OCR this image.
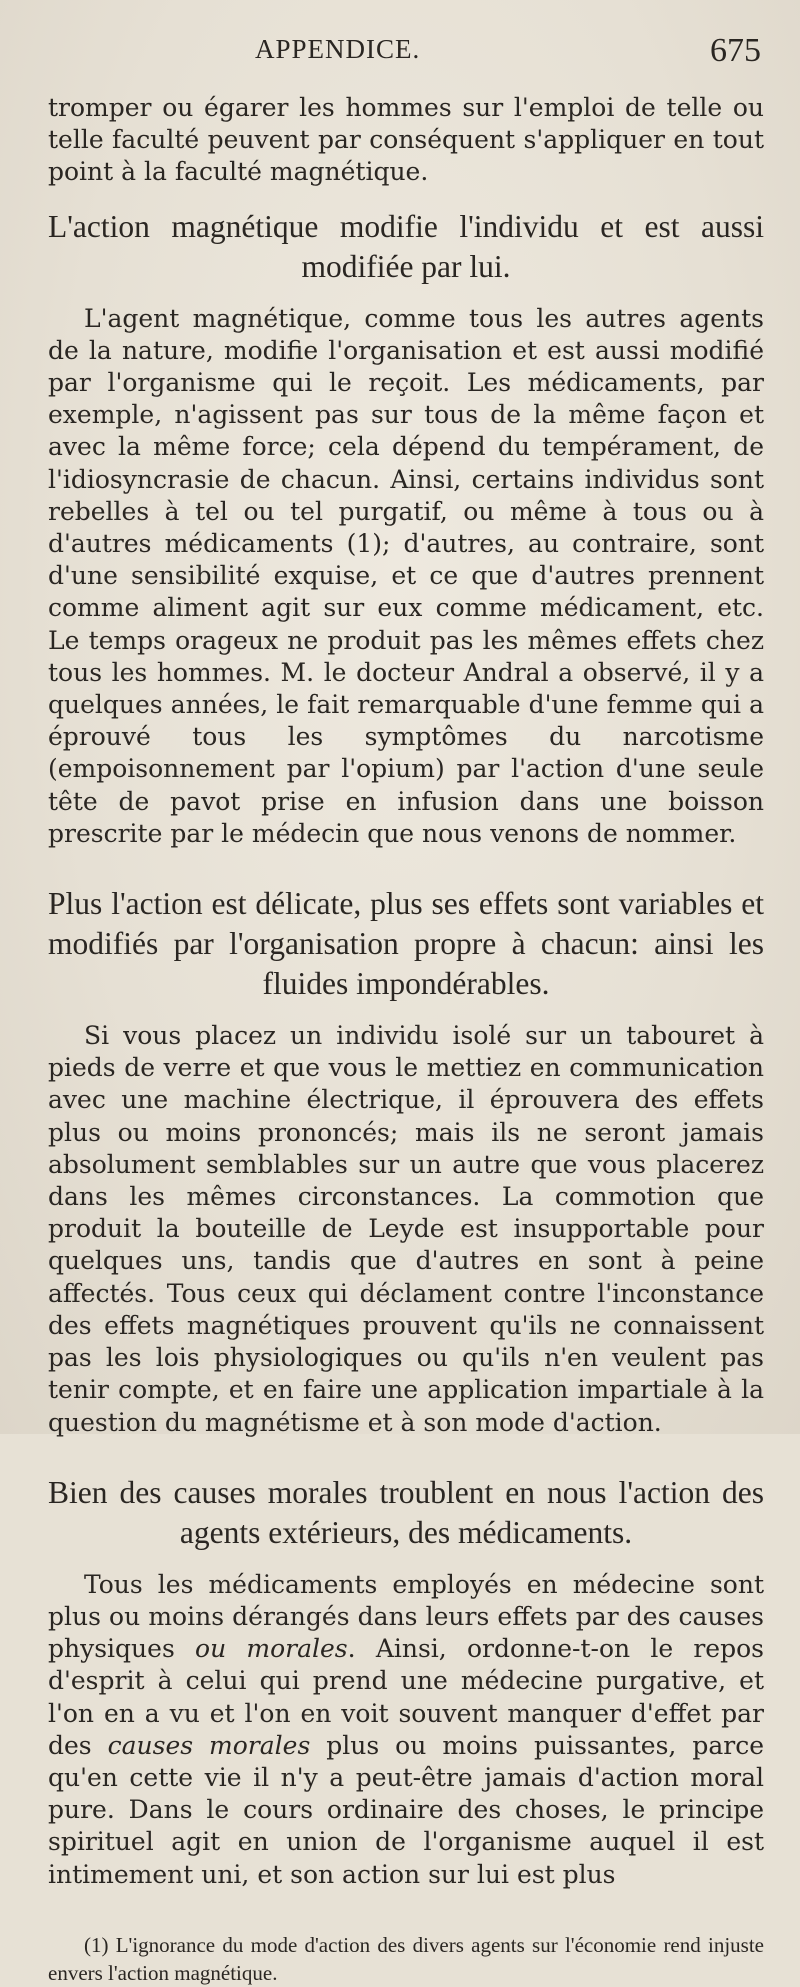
APPENDICE.	675

tromper ou égarer les hommes sur l'emploi de telle ou telle faculté peuvent par conséquent s'appliquer en tout point à la faculté magnétique.

L'action magnétique modifie l'individu et est aussi modifiée par lui.

L'agent magnétique, comme tous les autres agents de la nature, modifie l'organisation et est aussi modifié par l'organisme qui le reçoit. Les médicaments, par exemple, n'agissent pas sur tous de la même façon et avec la même force; cela dépend du tempérament, de l'idiosyncrasie de chacun. Ainsi, certains individus sont rebelles à tel ou tel purgatif, ou même à tous ou à d'autres médicaments (1); d'autres, au contraire, sont d'une sensibilité exquise, et ce que d'autres prennent comme aliment agit sur eux comme médicament, etc. Le temps orageux ne produit pas les mêmes effets chez tous les hommes. M. le docteur Andral a observé, il y a quelques années, le fait remarquable d'une femme qui a éprouvé tous les symptômes du narcotisme (empoisonnement par l'opium) par l'action d'une seule tête de pavot prise en infusion dans une boisson prescrite par le médecin que nous venons de nommer.

Plus l'action est délicate, plus ses effets sont variables et modifiés par l'organisation propre à chacun: ainsi les fluides impondérables.

Si vous placez un individu isolé sur un tabouret à pieds de verre et que vous le mettiez en communication avec une machine électrique, il éprouvera des effets plus ou moins prononcés; mais ils ne seront jamais absolument semblables sur un autre que vous placerez dans les mêmes circonstances. La commotion que produit la bouteille de Leyde est insupportable pour quelques uns, tandis que d'autres en sont à peine affectés. Tous ceux qui déclament contre l'inconstance des effets magnétiques prouvent qu'ils ne connaissent pas les lois physiologiques ou qu'ils n'en veulent pas tenir compte, et en faire une application impartiale à la question du magnétisme et à son mode d'action.

Bien des causes morales troublent en nous l'action des agents extérieurs, des médicaments.

Tous les médicaments employés en médecine sont plus ou moins dérangés dans leurs effets par des causes physiques ou morales. Ainsi, ordonne-t-on le repos d'esprit à celui qui prend une médecine purgative, et l'on en a vu et l'on en voit souvent manquer d'effet par des causes morales plus ou moins puissantes, parce qu'en cette vie il n'y a peut-être jamais d'action moral pure. Dans le cours ordinaire des choses, le principe spirituel agit en union de l'organisme auquel il est intimement uni, et son action sur lui est plus

(1) L'ignorance du mode d'action des divers agents sur l'économie rend injuste envers l'action magnétique.
